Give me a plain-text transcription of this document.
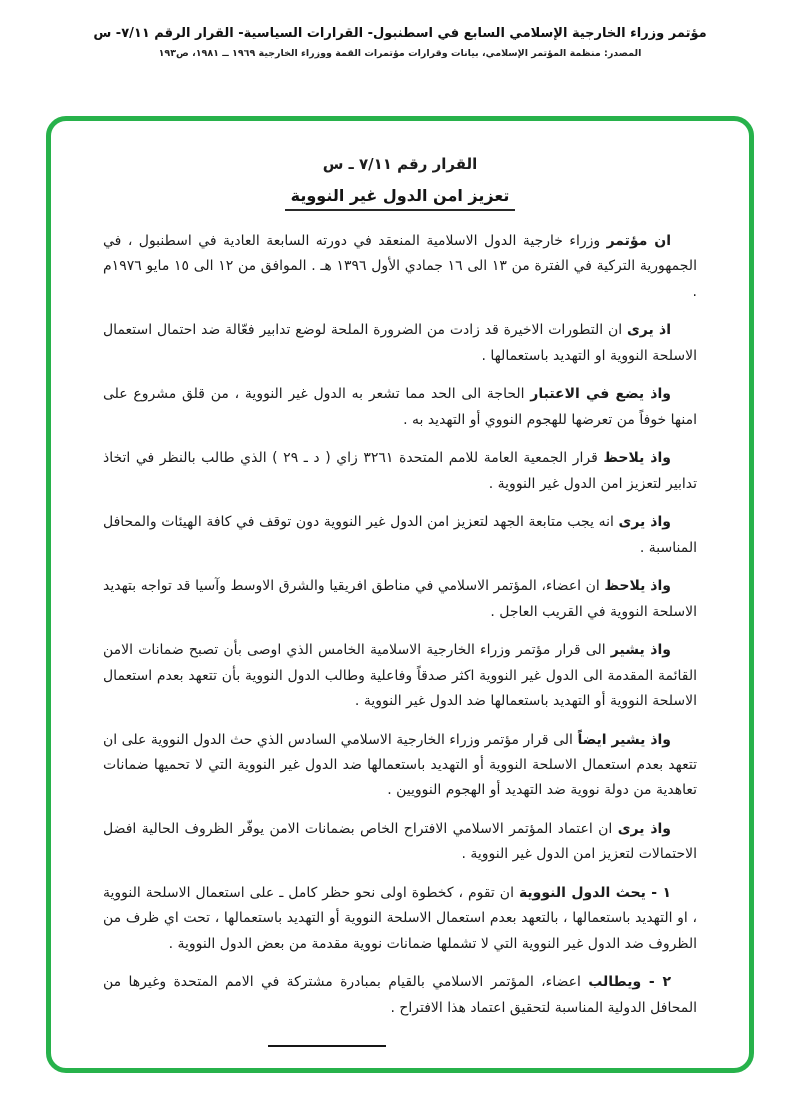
مؤتمر وزراء الخارجية الإسلامي السابع في اسطنبول- القرارات السياسية- القرار الرقم ٧/١١- س
المصدر: منظمة المؤتمر الإسلامي، بيانات وقرارات مؤتمرات القمة ووزراء الخارجية ١٩٦٩ ــ ١٩٨١، ص١٩٣
القرار رقم ٧/١١ ـ س
تعزيز امن الدول غير النووية

ان مؤتمر وزراء خارجية الدول الاسلامية المنعقد في دورته السابعة العادية في اسطنبول ، في الجمهورية التركية في الفترة من ١٣ الى ١٦ جمادي الأول ١٣٩٦ هـ . الموافق من ١٢ الى ١٥ مايو ١٩٧٦م .

اذ يرى ان التطورات الاخيرة قد زادت من الضرورة الملحة لوضع تدابير فعّالة ضد احتمال استعمال الاسلحة النووية او التهديد باستعمالها .

واذ يضع في الاعتبار الحاجة الى الحد مما تشعر به الدول غير النووية ، من قلق مشروع على امنها خوفاً من تعرضها للهجوم النووي أو التهديد به .

واذ يلاحظ قرار الجمعية العامة للامم المتحدة ٣٢٦١ زاي ( د ـ ٢٩ ) الذي طالب بالنظر في اتخاذ تدابير لتعزيز امن الدول غير النووية .

واذ يرى انه يجب متابعة الجهد لتعزيز امن الدول غير النووية دون توقف في كافة الهيئات والمحافل المناسبة .

واذ يلاحظ ان اعضاء، المؤتمر الاسلامي في مناطق افريقيا والشرق الاوسط وآسيا قد تواجه بتهديد الاسلحة النووية في القريب العاجل .

واذ يشير الى قرار مؤتمر وزراء الخارجية الاسلامية الخامس الذي اوصى بأن تصبح ضمانات الامن القائمة المقدمة الى الدول غير النووية اكثر صدقاً وفاعلية وطالب الدول النووية بأن تتعهد بعدم استعمال الاسلحة النووية أو التهديد باستعمالها ضد الدول غير النووية .

واذ يشير ايضاً الى قرار مؤتمر وزراء الخارجية الاسلامي السادس الذي حث الدول النووية على ان تتعهد بعدم استعمال الاسلحة النووية أو التهديد باستعمالها ضد الدول غير النووية التي لا تحميها ضمانات تعاهدية من دولة نووية ضد التهديد أو الهجوم النوويين .

واذ يرى ان اعتماد المؤتمر الاسلامي الافتراح الخاص بضمانات الامن يوفّر الظروف الحالية افضل الاحتمالات لتعزيز امن الدول غير النووية .

١ - يحث الدول النووية ان تقوم ، كخطوة اولى نحو حظر كامل ـ على استعمال الاسلحة النووية ، او التهديد باستعمالها ، بالتعهد بعدم استعمال الاسلحة النووية أو التهديد باستعمالها ، تحت اي ظرف من الظروف ضد الدول غير النووية التي لا تشملها ضمانات نووية مقدمة من بعض الدول النووية .

٢ - ويطالب اعضاء، المؤتمر الاسلامي بالقيام بمبادرة مشتركة في الامم المتحدة وغيرها من المحافل الدولية المناسبة لتحقيق اعتماد هذا الافتراح .
